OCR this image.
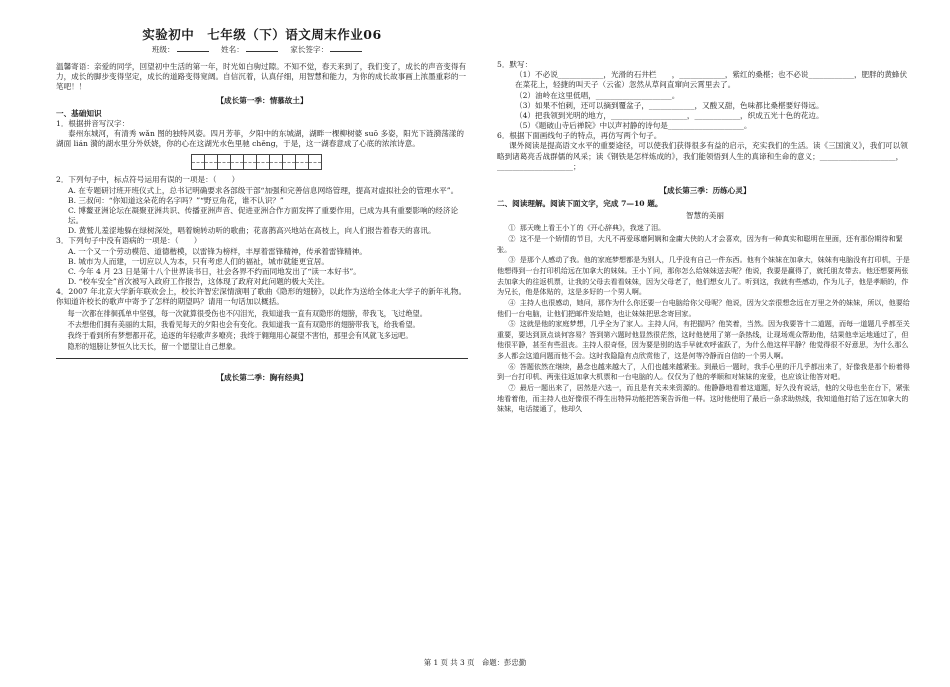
实验初中　七年级（下）语文周末作业06
班级：	姓名：	家长签字：

温馨寄语：亲爱的同学，回望初中生活的第一年，时光如白驹过隙。不知不觉，春天来到了，我们变了，成长的声音变得有力，成长的脚步变得坚定，成长的道路变得宽阔。自信沉着，认真仔细，用智慧和能力，为你的成长故事画上浓墨重彩的一笔吧！！

【成长第一季：情慕故土】

一、基础知识

1．根据拼音写汉字：

泰州东城河，有清秀 wǎn 图的独特风姿。四月芳菲，夕阳中的东城湖，湖畔一棵柳树婆 suō 多姿，阳光下涟漪荡漾的湖面 lián 漪的湖水里分外妖娆，你的心在这湖光水色里驰 chěng，于是，这一湖春意成了心底的浓浓诗意。

2．下列句子中，标点符号运用有误的一项是：（　　）

A. 在专题研讨班开班仪式上，总书记明确要求各部级干部“加强和完善信息网络管理，提高对虚拟社会的管理水平”。

B. 三叔问：“你知道这朵花的名字吗？”“野豆角花，谁不认识？”

C. 博鳌亚洲论坛在凝聚亚洲共识、传播亚洲声音、促进亚洲合作方面发挥了重要作用，已成为具有重要影响的经济论坛。

D. 黄鹫儿羞涩地躲在绿树深处，唱着婉转动听的歌曲；花喜鹊高兴地站在高枝上，向人们报告着春天的喜讯。

3．下列句子中没有语病的一项是：（　　）

A. 一个又一个劳动模范、道德楷模，以雷锋为榜样，丰厚着雷锋精神，传承着雷锋精神。

B. 城市为人而建，一切应以人为本，只有考虑人们的福祉，城市就能更宜居。

C. 今年 4 月 23 日是第十八个世界读书日，社会各界不约而同地发出了“读一本好书”。

D. “校车安全”首次被写入政府工作报告，这体现了政府对此问题的极大关注。

4．2007 年北京大学新年联欢会上，校长许智宏深情演唱了歌曲《隐形的翅膀》，以此作为送给全体北大学子的新年礼物。你知道许校长的歌声中寄予了怎样的期望吗？请用一句话加以概括。

每一次都在徘徊孤单中坚强，每一次就算很受伤也不闪泪光，我知道我一直有双隐形的翅膀，带我飞，飞过绝望。

不去想他们拥有美丽的太阳，我看见每天的夕阳也会有变化。我知道我一直有双隐形的翅膀带我飞，给我希望。

我终于看到所有梦想都开花，追逐的年轻歌声多嘹亮；我终于翱翔用心凝望不害怕，那里会有风就飞多远吧。

隐形的翅膀让梦恒久比天长，留一个愿望让自己想象。

【成长第二季：胸有经典】

5．默写：

（1）不必说____________，光滑的石井栏　　，____________，紫红的桑椹；也不必说____________，肥胖的黄蜂伏在菜花上，轻捷的叫天子（云雀）忽然从草间直窜向云霄里去了。

（2）油岭在这里低唱，____________________。

（3）如果不怕刺，还可以摘到覆盆子，____________，又酸又甜，色味都比桑椹要好得远。

（4）把我领到光明的地方，____________________，____________，织成五光十色的花边。

（5）《题破山寺后禅院》中以声衬静的诗句是____________________。

6．根据下面画线句子的特点，再仿写两个句子。

课外阅读是提高语文水平的重要途径，可以使我们获得很多有益的启示，充实我们的生活。读《三国演义》，我们可以领略到诸葛亮舌战群儒的风采；读《钢铁是怎样炼成的》，我们能领悟到人生的真谛和生命的意义；____________________，____________________；

【成长第三季：历练心灵】

二、阅读理解。阅读下面文字，完成 7—10 题。

智慧的美丽

① 那天晚上看王小丫的《开心辞典》，我迷了泪。

② 这不是一个矫情的节目，大凡不再爱琢磨阿娴和金庸大侠的人才会喜欢，因为有一种真实和聪明在里面，还有那份期待和緊张。

③ 是那个人感动了我。他的家庭梦想都是为别人，几乎没有自己一件东西。他有个妹妹在加拿大，妹妹有电脑没有打印机，于是他想得到一台打印机给远在加拿大的妹妹。王小丫问，那你怎么给妹妹送去呢？他说，我要是赢得了，就托朋友带去。他还想要两张去加拿大的往返机票，让我的父母去看看妹妹，因为父母老了，他们想女儿了。听到这，我就有些感动，作为儿子，他是孝顺的，作为兄长，他是体贴的，这是多好的一个男人啊。

④ 主持人也很感动，她问，那作为什么你还要一台电脑给你父母呢？他说，因为父亲很想念远在万里之外的妹妹，所以，他要给他们一台电脑，让他们把邮件发给她，也让妹妹把思念寄回家。

⑤ 这就是他的家庭梦想，几乎全为了家人。主持人问，有把握吗？他笑着，当然。因为我要答十二道题，而每一道题几乎都至关重要，要达到顶点谈何容易？答到第六题时他显然很茫然，这时他使用了第一条热线，让现场观众帮助他，结果他幸运地通过了，但他很平静，甚至有些沮丧。主持人很奇怪，因为要是别的选手早就欢呼雀跃了，为什么他这样平静？他觉得很不好意思，为什么那么多人都会这道问题而他不会。这时我隐隐有点欣赏他了，这是何等冷静而自信的一个男人啊。

⑥ 答题依然在继续，悬念也越来越大了，人们也越来越紧张。到最后一题时，我手心里的汗几乎都出来了，好像我是那个盼着得到一台打印机、两张往返加拿大机票和一台电脑的人。仅仅为了他的孝顺和对妹妹的宠爱，也应该让他答对吧。

⑦ 最后一题出来了，居然是六选一，而且是有关未来资源的。他静静地看着这道题，好久没有说话，他的父母也坐在台下，紧张地看着他，而主持人也好像很不得生出特异功能把答案告诉他一样。这时他使用了最后一条求助热线，我知道他打给了远在加拿大的妹妹，电话接通了，他却久

第 1 页 共 3 页　命题：彭忠勤
